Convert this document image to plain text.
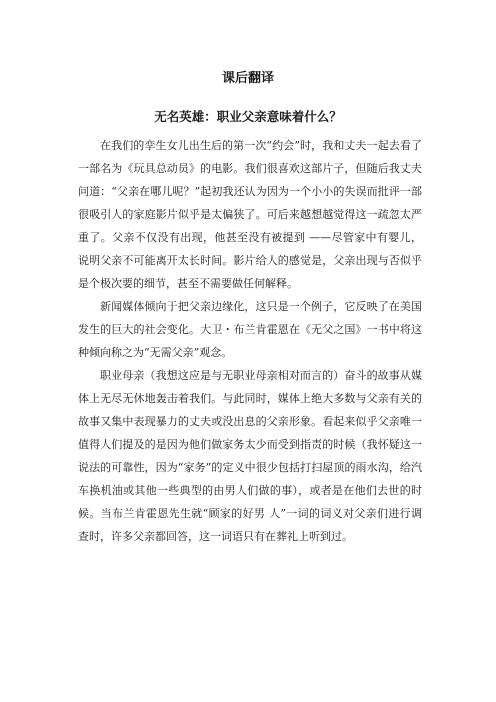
课后翻译
无名英雄：职业父亲意味着什么？

在我们的孪生女儿出生后的第一次“约会”时，我和丈夫一起去看了一部名为《玩具总动员》的电影。我们很喜欢这部片子，但随后我丈夫问道：“父亲在哪儿呢？”起初我还认为因为一个小小的失误而批评一部很吸引人的家庭影片似乎是太偏狭了。可后来越想越觉得这一疏忽太严重了。父亲不仅没有出现，他甚至没有被提到 ——尽管家中有婴儿，说明父亲不可能离开太长时间。影片给人的感觉是，父亲出现与否似乎是个极次要的细节，甚至不需要做任何解释。

新闻媒体倾向于把父亲边缘化，这只是一个例子，它反映了在美国发生的巨大的社会变化。大卫・布兰肯霍恩在《无父之国》一书中将这种倾向称之为“无需父亲”观念。

职业母亲（我想这应是与无职业母亲相对而言的）奋斗的故事从媒体上无尽无休地轰击着我们。与此同时，媒体上绝大多数与父亲有关的故事又集中表现暴力的丈夫或没出息的父亲形象。看起来似乎父亲唯一值得人们提及的是因为他们做家务太少而受到指责的时候（我怀疑这一说法的可靠性，因为“家务”的定义中很少包括打扫屋顶的雨水沟，给汽车换机油或其他一些典型的由男人们做的事），或者是在他们去世的时候。当布兰肯霍恩先生就“顾家的好男 人”一词的词义对父亲们进行调查时，许多父亲都回答，这一词语只有在葬礼上听到过。
